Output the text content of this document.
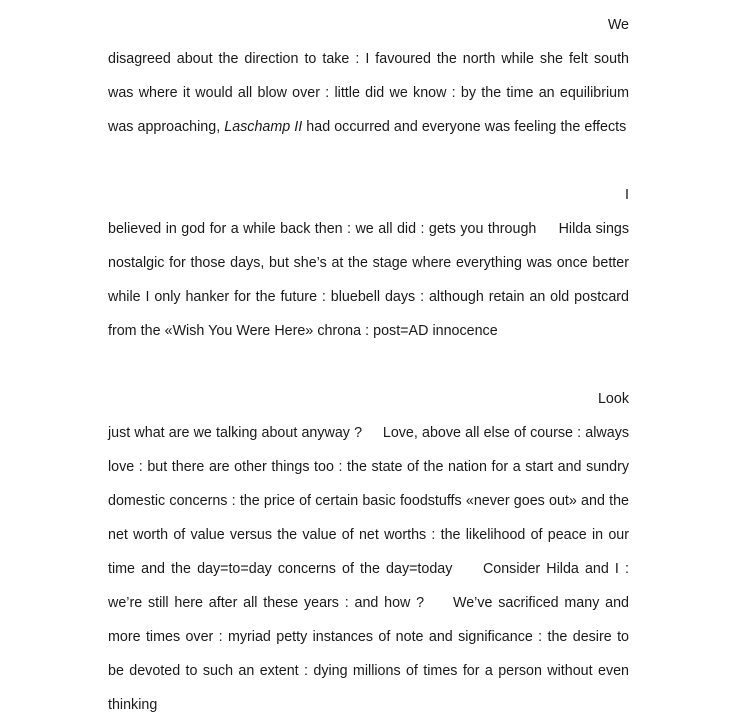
We
disagreed about the direction to take : I favoured the north while she felt south was where it would all blow over : little did we know : by the time an equilibrium was approaching, Laschamp II had occurred and everyone was feeling the effects

I
believed in god for a while back then : we all did : gets you through     Hilda sings nostalgic for those days, but she’s at the stage where everything was once better while I only hanker for the future : bluebell days : although retain an old postcard from the «Wish You Were Here» chrona : post=AD innocence

Look
just what are we talking about anyway ?     Love, above all else of course : always love : but there are other things too : the state of the nation for a start and sundry domestic concerns : the price of certain basic foodstuffs «never goes out» and the net worth of value versus the value of net worths : the likelihood of peace in our time and the day=to=day concerns of the day=today     Consider Hilda and I : we’re still here after all these years : and how ?     We’ve sacrificed many and more times over : myriad petty instances of note and significance : the desire to be devoted to such an extent : dying millions of times for a person without even thinking
